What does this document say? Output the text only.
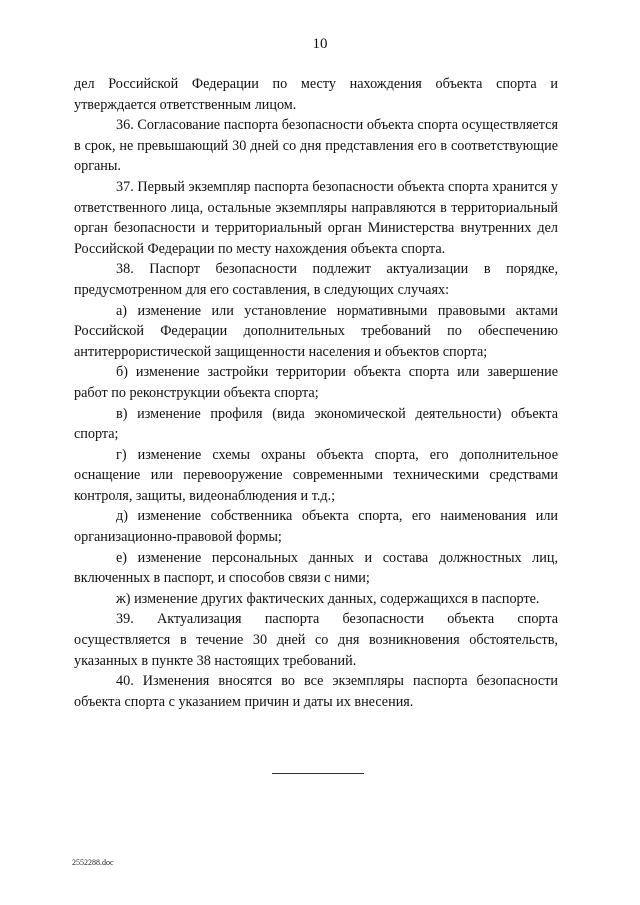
10

дел Российской Федерации по месту нахождения объекта спорта и утверждается ответственным лицом.

36. Согласование паспорта безопасности объекта спорта осуществляется в срок, не превышающий 30 дней со дня представления его в соответствующие органы.

37. Первый экземпляр паспорта безопасности объекта спорта хранится у ответственного лица, остальные экземпляры направляются в территориальный орган безопасности и территориальный орган Министерства внутренних дел Российской Федерации по месту нахождения объекта спорта.

38. Паспорт безопасности подлежит актуализации в порядке, предусмотренном для его составления, в следующих случаях:

а) изменение или установление нормативными правовыми актами Российской Федерации дополнительных требований по обеспечению антитеррористической защищенности населения и объектов спорта;

б) изменение застройки территории объекта спорта или завершение работ по реконструкции объекта спорта;

в) изменение профиля (вида экономической деятельности) объекта спорта;

г) изменение схемы охраны объекта спорта, его дополнительное оснащение или перевооружение современными техническими средствами контроля, защиты, видеонаблюдения и т.д.;

д) изменение собственника объекта спорта, его наименования или организационно-правовой формы;

е) изменение персональных данных и состава должностных лиц, включенных в паспорт, и способов связи с ними;

ж) изменение других фактических данных, содержащихся в паспорте.

39. Актуализация паспорта безопасности объекта спорта осуществляется в течение 30 дней со дня возникновения обстоятельств, указанных в пункте 38 настоящих требований.

40. Изменения вносятся во все экземпляры паспорта безопасности объекта спорта с указанием причин и даты их внесения.

2552288.doc
